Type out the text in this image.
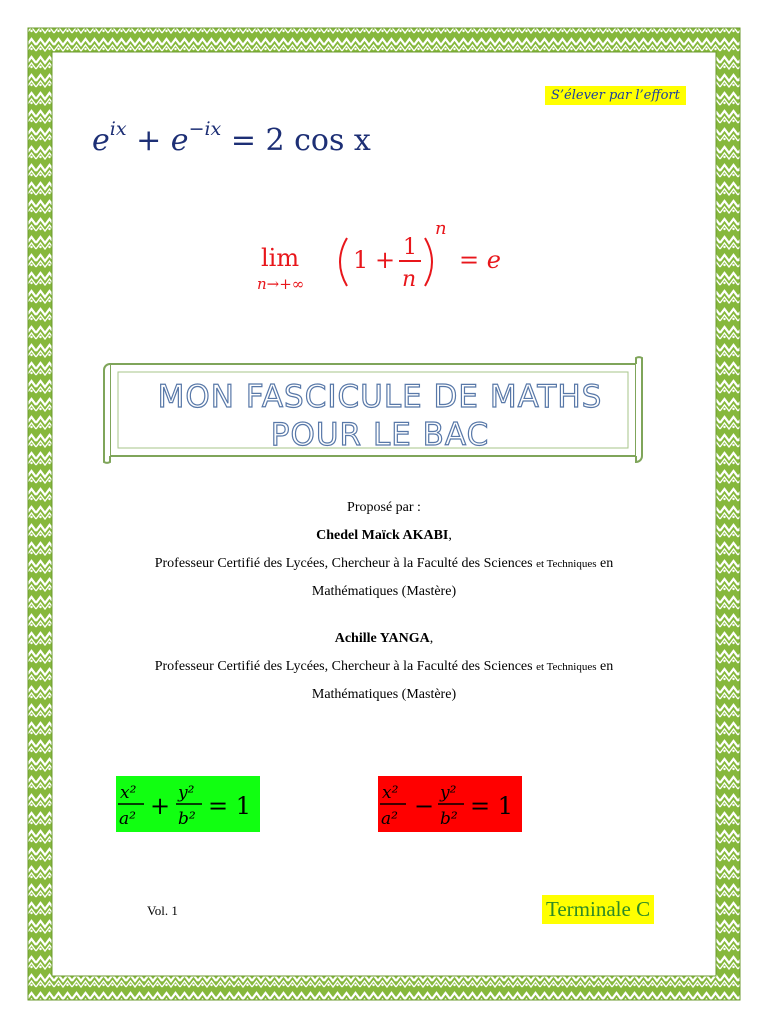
S’élever par l’effort
$e^{ix} + e^{-ix} = 2$ cos x
lim
n→+∞
1 + 1
n
n
= e
MON FASCICULE DE MATHS
POUR LE BAC

Proposé par :

Chedel Maïck AKABI,

Professeur Certifié des Lycées, Chercheur à la Faculté des Sciences et Techniques en

Mathématiques (Mastère)

Achille YANGA,

Professeur Certifié des Lycées, Chercheur à la Faculté des Sciences et Techniques en

Mathématiques (Mastère)

x²
a² + y²
b² = 1	x²
a² − y²
b² = 1
Vol. 1	Terminale C
